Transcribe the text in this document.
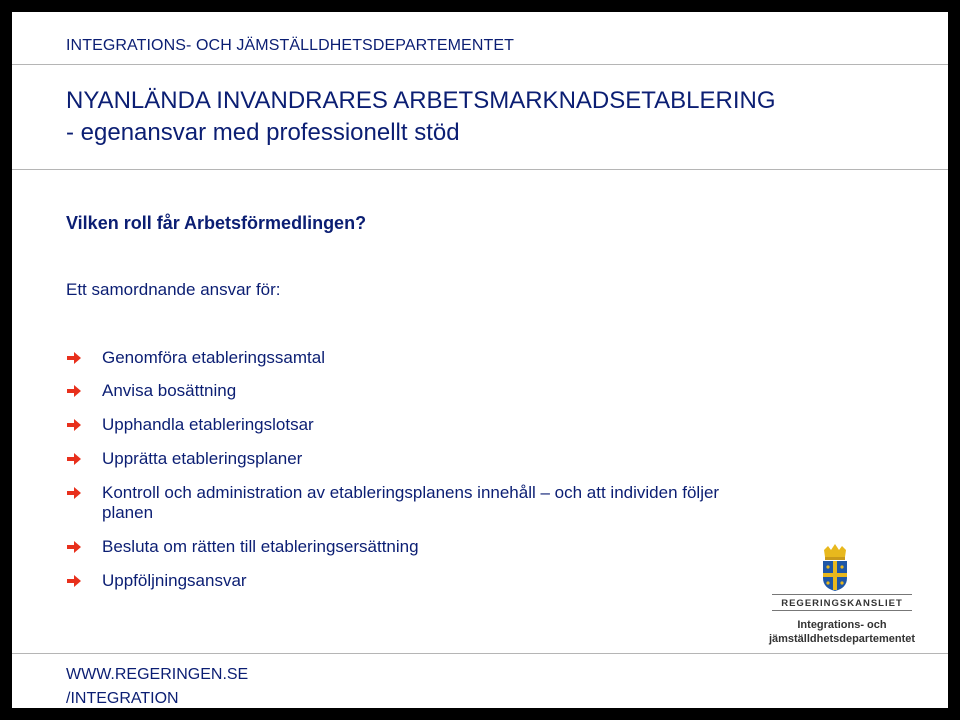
INTEGRATIONS- OCH JÄMSTÄLLDHETSDEPARTEMENTET
NYANLÄNDA INVANDRARES ARBETSMARKNADSETABLERING
- egenansvar med professionellt stöd
Vilken roll får Arbetsförmedlingen?
Ett samordnande ansvar för:
Genomföra etableringssamtal
Anvisa bosättning
Upphandla etableringslotsar
Upprätta etableringsplaner
Kontroll och administration av etableringsplanens innehåll – och att individen följer planen
Besluta om rätten till etableringsersättning
Uppföljningsansvar
REGERINGSKANSLIET
Integrations- och
jämställdhetsdepartementet
WWW.REGERINGEN.SE
/INTEGRATION
